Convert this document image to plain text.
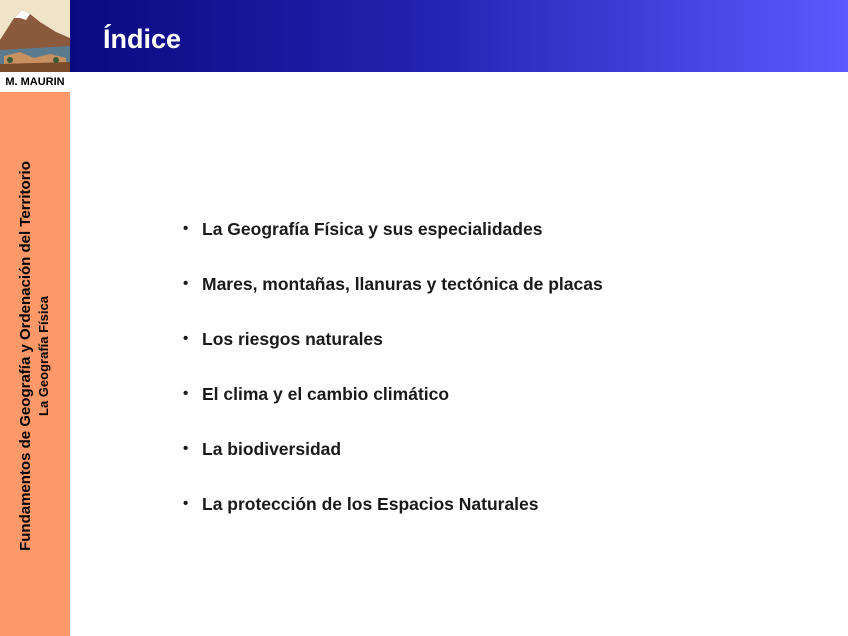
M. MAURIN
Fundamentos de Geografía y Ordenación del Territorio La Geografía Física
Índice
• La Geografía Física y sus especialidades
• Mares, montañas, llanuras y tectónica de placas
• Los riesgos naturales
• El clima y el cambio climático
• La biodiversidad
• La protección de los Espacios Naturales
